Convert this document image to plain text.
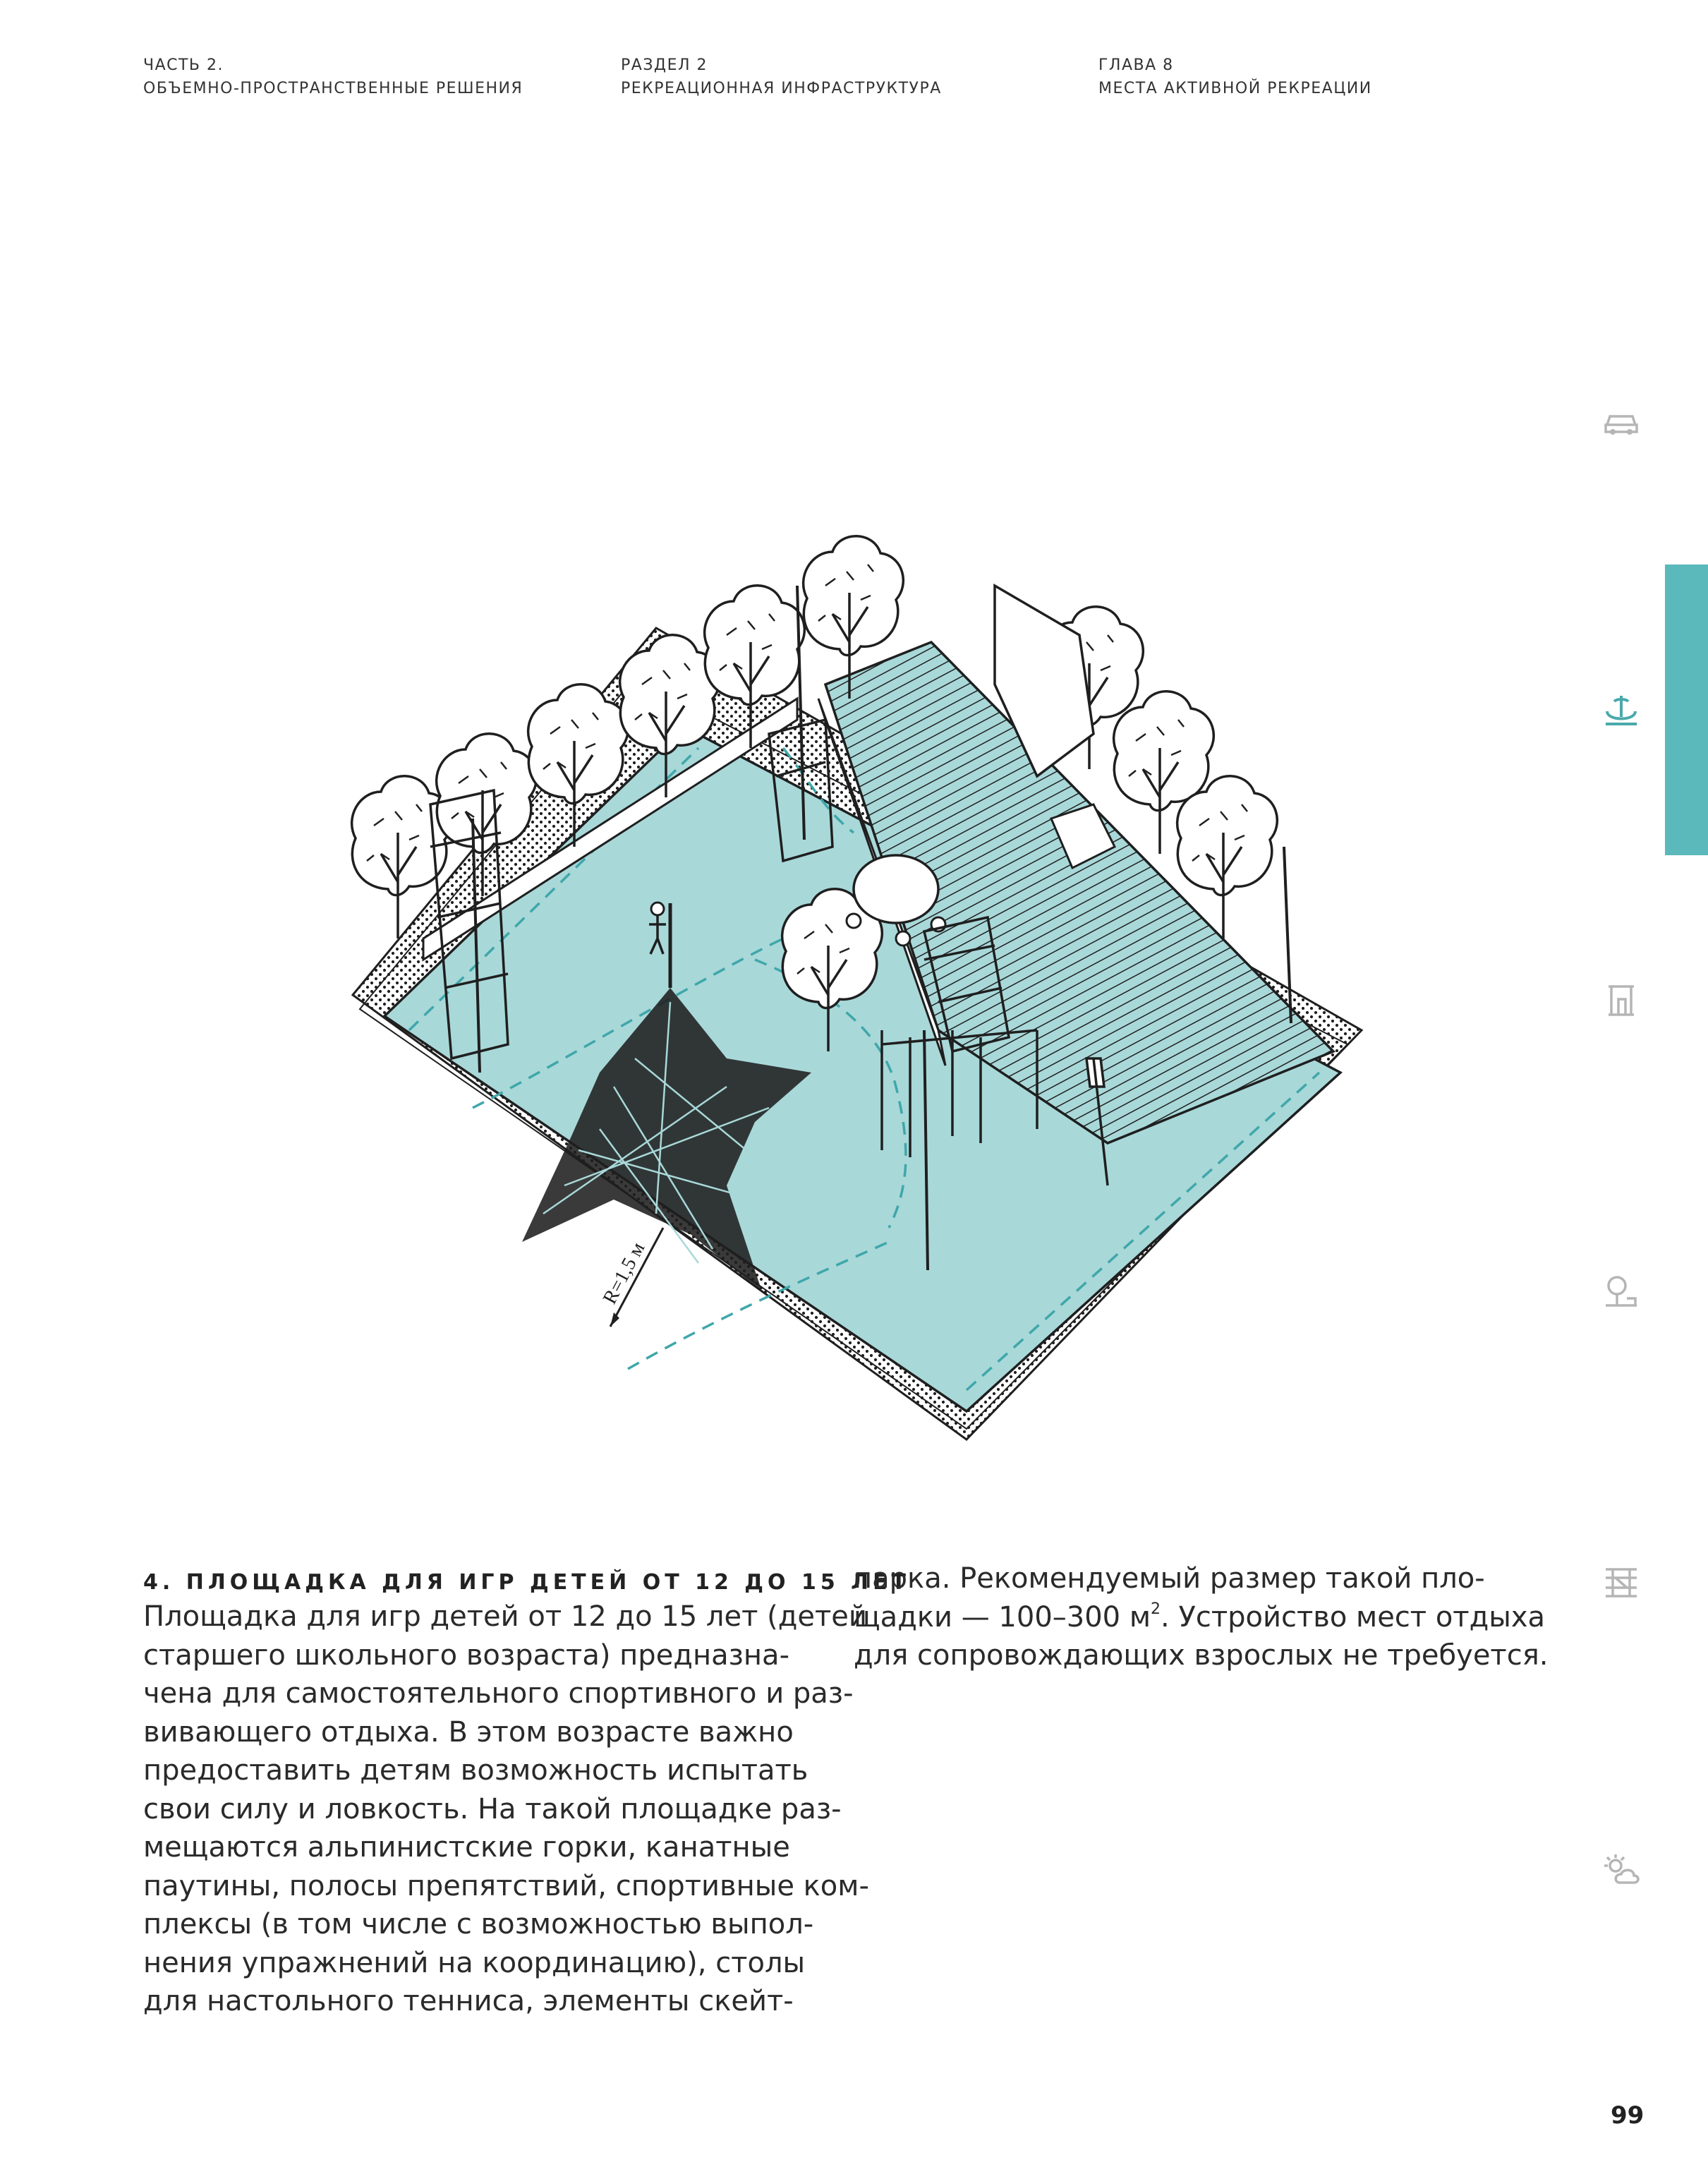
ЧАСТЬ 2.
ОБЪЕМНО-ПРОСТРАНСТВЕННЫЕ РЕШЕНИЯ
РАЗДЕЛ 2
РЕКРЕАЦИОННАЯ ИНФРАСТРУКТУРА
ГЛАВА 8
МЕСТА АКТИВНОЙ РЕКРЕАЦИИ
R=1,5 м
4. ПЛОЩАДКА ДЛЯ ИГР ДЕТЕЙ ОТ 12 ДО 15 ЛЕТ
Площадка для игр детей от 12 до 15 лет (детей
старшего школьного возраста) предназна-
чена для самостоятельного спортивного и раз-
вивающего отдыха. В этом возрасте важно
предоставить детям возможность испытать
свои силу и ловкость. На такой площадке раз-
мещаются альпинистские горки, канатные
паутины, полосы препятствий, спортивные ком-
плексы (в том числе с возможностью выпол-
нения упражнений на координацию), столы
для настольного тенниса, элементы скейт-
парка. Рекомендуемый размер такой пло-
щадки — 100–300 $м^2$. Устройство мест отдыха
для сопровождающих взрослых не требуется.
99
